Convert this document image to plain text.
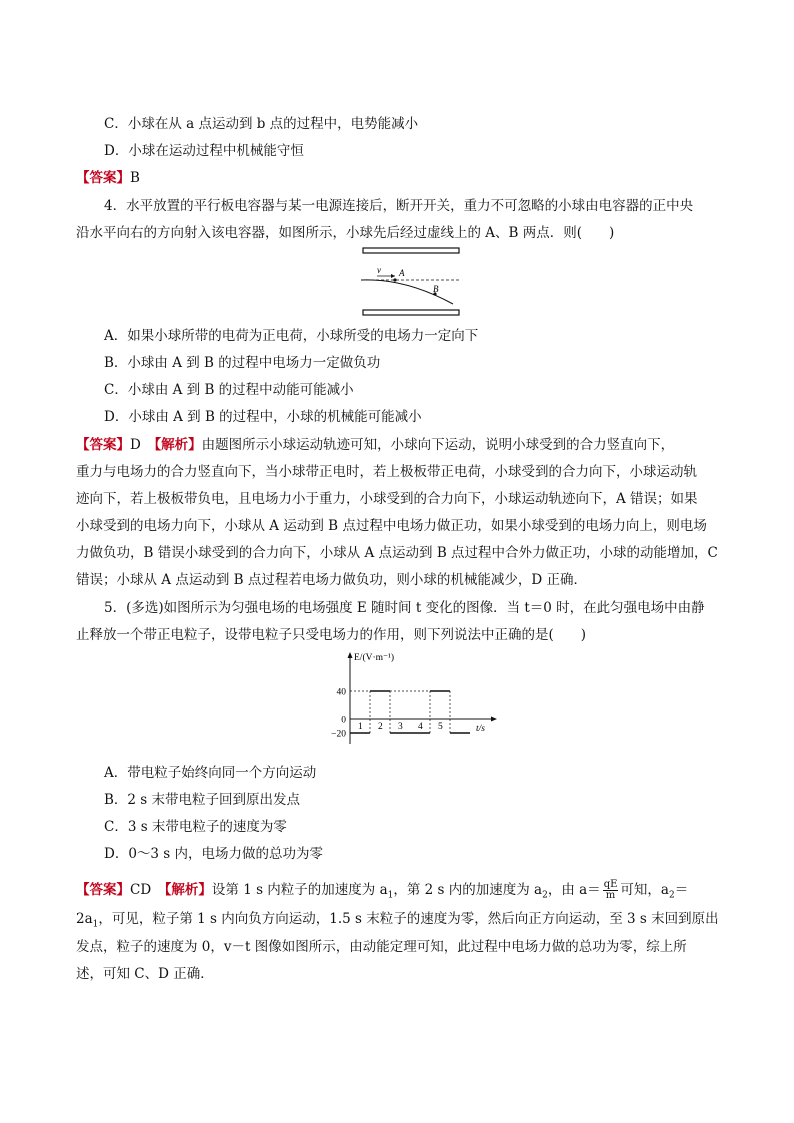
C．小球在从 a 点运动到 b 点的过程中，电势能减小
D．小球在运动过程中机械能守恒
【答案】B
4．水平放置的平行板电容器与某一电源连接后，断开开关，重力不可忽略的小球由电容器的正中央
沿水平向右的方向射入该电容器，如图所示，小球先后经过虚线上的 A、B 两点．则(　　)
v A
B
A．如果小球所带的电荷为正电荷，小球所受的电场力一定向下
B．小球由 A 到 B 的过程中电场力一定做负功
C．小球由 A 到 B 的过程中动能可能减小
D．小球由 A 到 B 的过程中，小球的机械能可能减小
【答案】D　 【解析】由题图所示小球运动轨迹可知，小球向下运动，说明小球受到的合力竖直向下，
重力与电场力的合力竖直向下，当小球带正电时，若上极板带正电荷，小球受到的合力向下，小球运动轨
迹向下，若上极板带负电，且电场力小于重力，小球受到的合力向下，小球运动轨迹向下，A 错误；如果
小球受到的电场力向下，小球从 A 运动到 B 点过程中电场力做正功，如果小球受到的电场力向上，则电场
力做负功，B 错误小球受到的合力向下，小球从 A 点运动到 B 点过程中合外力做正功，小球的动能增加，C
错误；小球从 A 点运动到 B 点过程若电场力做负功，则小球的机械能减少，D 正确．
5．(多选)如图所示为匀强电场的电场强度 E 随时间 t 变化的图像．当 t＝0 时，在此匀强电场中由静
止释放一个带正电粒子，设带电粒子只受电场力的作用，则下列说法中正确的是(　　)
E/(V·m⁻¹)
t/s
1 2 3 4 5
40
0
−20
A．带电粒子始终向同一个方向运动
B．2 s 末带电粒子回到原出发点
C．3 s 末带电粒子的速度为零
D．0～3 s 内，电场力做的总功为零
【答案】CD　 【解析】设第 1 s 内粒子的加速度为 $a_1$，第 2 s 内的加速度为 $a_2$，由 $a= \frac{qE}{m}$ 可知，$a_2=$
$2a_1$，可见，粒子第 1 s 内向负方向运动，1.5 s 末粒子的速度为零，然后向正方向运动，至 3 s 末回到原出
发点，粒子的速度为 0，v－t 图像如图所示，由动能定理可知，此过程中电场力做的总功为零，综上所
述，可知 C、D 正确．
